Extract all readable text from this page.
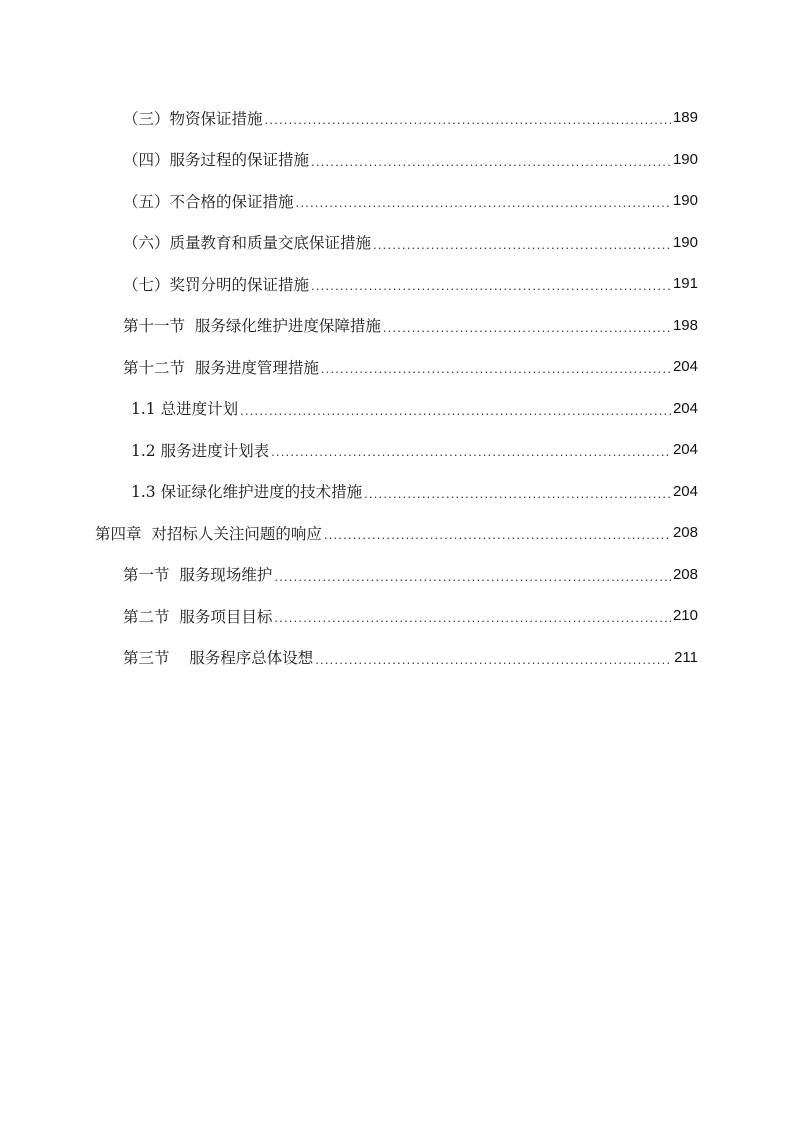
（三）物资保证措施 .....	189
（四）服务过程的保证措施 .....	190
（五）不合格的保证措施 .....	190
（六）质量教育和质量交底保证措施 .....	190
（七）奖罚分明的保证措施 .....	191
第十一节  服务绿化维护进度保障措施 .....	198
第十二节  服务进度管理措施 .....	204
1.1 总进度计划 .....	204
1.2 服务进度计划表 .....	204
1.3 保证绿化维护进度的技术措施 .....	204
第四章  对招标人关注问题的响应 .....	208
第一节  服务现场维护 .....	208
第二节  服务项目目标 .....	210
第三节    服务程序总体设想 .....	211
